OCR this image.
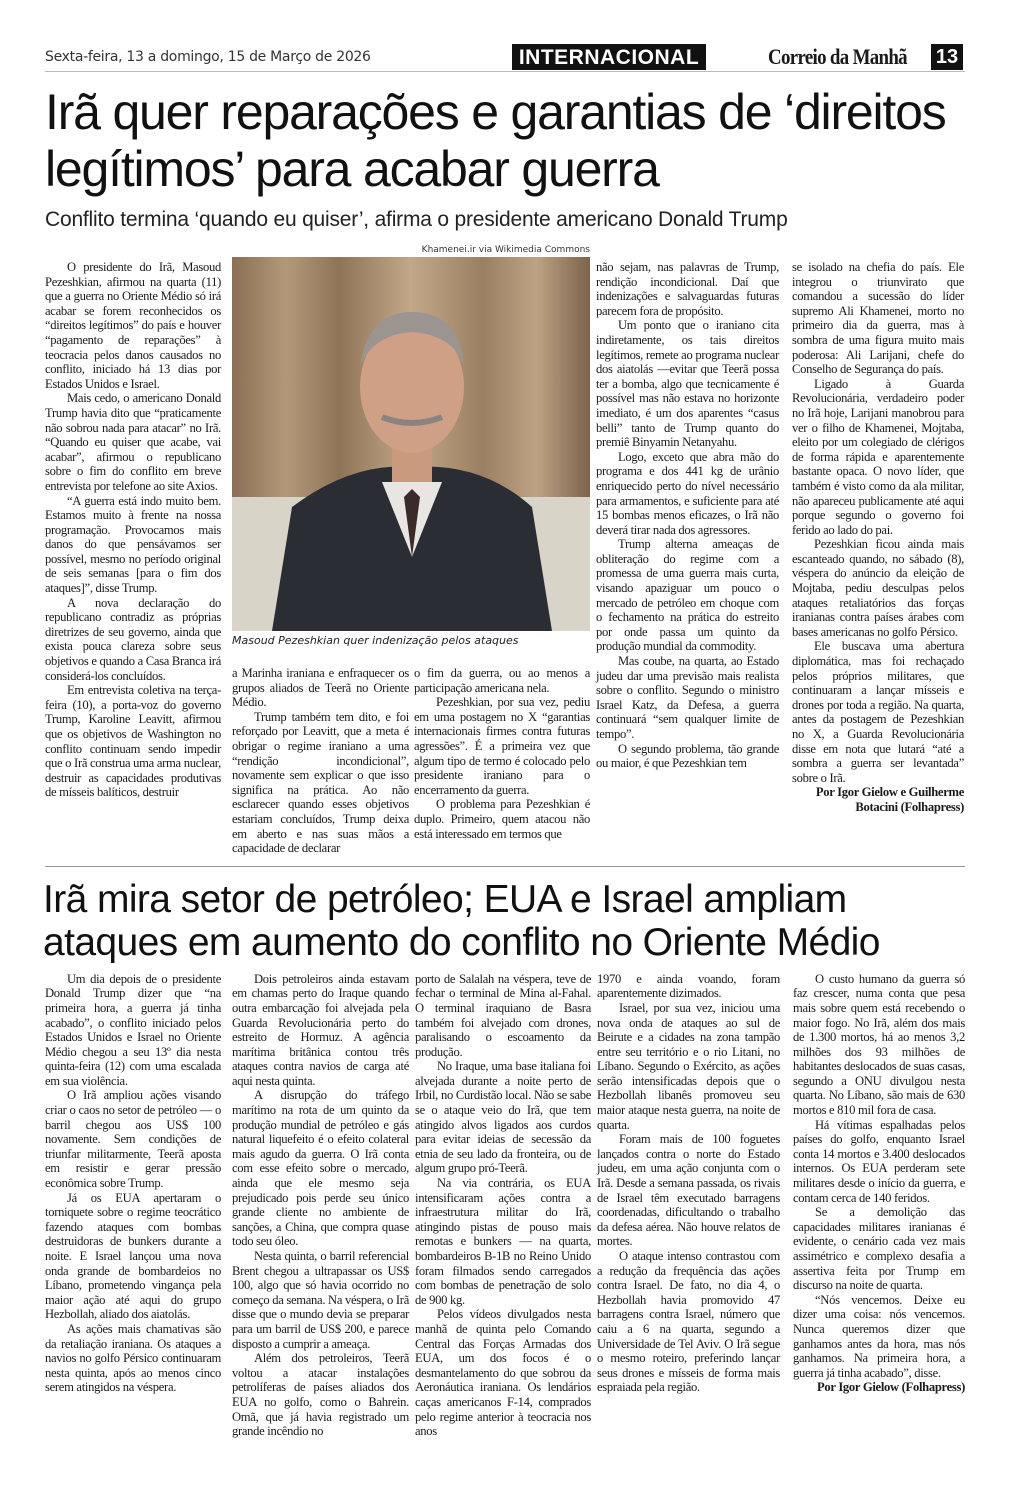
Sexta-feira, 13 a domingo, 15 de Março de 2026	INTERNACIONAL	Correio da Manhã 13
Irã quer reparações e garantias de ‘direitos legítimos’ para acabar guerra
Conflito termina ‘quando eu quiser’, afirma o presidente americano Donald Trump

O presidente do Irã, Masoud Pezeshkian, afirmou na quarta (11) que a guerra no Oriente Médio só irá acabar se forem reconhecidos os “direitos legítimos” do país e houver “pagamento de reparações” à teocracia pelos danos causados no conflito, iniciado há 13 dias por Estados Unidos e Israel.

Mais cedo, o americano Donald Trump havia dito que “praticamente não sobrou nada para atacar” no Irã. “Quando eu quiser que acabe, vai acabar”, afirmou o republicano sobre o fim do conflito em breve entrevista por telefone ao site Axios.

“A guerra está indo muito bem. Estamos muito à frente na nossa programação. Provocamos mais danos do que pensávamos ser possível, mesmo no período original de seis semanas [para o fim dos ataques]”, disse Trump.

A nova declaração do republicano contradiz as próprias diretrizes de seu governo, ainda que exista pouca clareza sobre seus objetivos e quando a Casa Branca irá considerá-los concluídos.

Em entrevista coletiva na terça-feira (10), a porta-voz do governo Trump, Karoline Leavitt, afirmou que os objetivos de Washington no conflito continuam sendo impedir que o Irã construa uma arma nuclear, destruir as capacidades produtivas de mísseis balíticos, destruir

Khamenei.ir via Wikimedia Commons
Masoud Pezeshkian quer indenização pelos ataques

a Marinha iraniana e enfraquecer os grupos aliados de Teerã no Oriente Médio.

Trump também tem dito, e foi reforçado por Leavitt, que a meta é obrigar o regime iraniano a uma “rendição incondicional”, novamente sem explicar o que isso significa na prática. Ao não esclarecer quando esses objetivos estariam concluídos, Trump deixa em aberto e nas suas mãos a capacidade de declarar

o fim da guerra, ou ao menos a participação americana nela.

Pezeshkian, por sua vez, pediu em uma postagem no X “garantias internacionais firmes contra futuras agressões”. É a primeira vez que algum tipo de termo é colocado pelo presidente iraniano para o encerramento da guerra.

O problema para Pezeshkian é duplo. Primeiro, quem atacou não está interessado em termos que

não sejam, nas palavras de Trump, rendição incondicional. Daí que indenizações e salvaguardas futuras parecem fora de propósito.

Um ponto que o iraniano cita indiretamente, os tais direitos legítimos, remete ao programa nuclear dos aiatolás —evitar que Teerã possa ter a bomba, algo que tecnicamente é possível mas não estava no horizonte imediato, é um dos aparentes “casus belli” tanto de Trump quanto do premiê Binyamin Netanyahu.

Logo, exceto que abra mão do programa e dos 441 kg de urânio enriquecido perto do nível necessário para armamentos, e suficiente para até 15 bombas menos eficazes, o Irã não deverá tirar nada dos agressores.

Trump alterna ameaças de obliteração do regime com a promessa de uma guerra mais curta, visando apaziguar um pouco o mercado de petróleo em choque com o fechamento na prática do estreito por onde passa um quinto da produção mundial da commodity.

Mas coube, na quarta, ao Estado judeu dar uma previsão mais realista sobre o conflito. Segundo o ministro Israel Katz, da Defesa, a guerra continuará “sem qualquer limite de tempo”.

O segundo problema, tão grande ou maior, é que Pezeshkian tem

se isolado na chefia do país. Ele integrou o triunvirato que comandou a sucessão do líder supremo Ali Khamenei, morto no primeiro dia da guerra, mas à sombra de uma figura muito mais poderosa: Ali Larijani, chefe do Conselho de Segurança do país.

Ligado à Guarda Revolucionária, verdadeiro poder no Irã hoje, Larijani manobrou para ver o filho de Khamenei, Mojtaba, eleito por um colegiado de clérigos de forma rápida e aparentemente bastante opaca. O novo líder, que também é visto como da ala militar, não apareceu publicamente até aqui porque segundo o governo foi ferido ao lado do pai.

Pezeshkian ficou ainda mais escanteado quando, no sábado (8), véspera do anúncio da eleição de Mojtaba, pediu desculpas pelos ataques retaliatórios das forças iranianas contra países árabes com bases americanas no golfo Pérsico.

Ele buscava uma abertura diplomática, mas foi rechaçado pelos próprios militares, que continuaram a lançar mísseis e drones por toda a região. Na quarta, antes da postagem de Pezeshkian no X, a Guarda Revolucionária disse em nota que lutará “até a sombra a guerra ser levantada” sobre o Irã.

Por Igor Gielow e Guilherme Botacini (Folhapress)

Irã mira setor de petróleo; EUA e Israel ampliam ataques em aumento do conflito no Oriente Médio

Um dia depois de o presidente Donald Trump dizer que “na primeira hora, a guerra já tinha acabado”, o conflito iniciado pelos Estados Unidos e Israel no Oriente Médio chegou a seu 13º dia nesta quinta-feira (12) com uma escalada em sua violência.

O Irã ampliou ações visando criar o caos no setor de petróleo — o barril chegou aos US$ 100 novamente. Sem condições de triunfar militarmente, Teerã aposta em resistir e gerar pressão econômica sobre Trump.

Já os EUA apertaram o torniquete sobre o regime teocrático fazendo ataques com bombas destruidoras de bunkers durante a noite. E Israel lançou uma nova onda grande de bombardeios no Líbano, prometendo vingança pela maior ação até aqui do grupo Hezbollah, aliado dos aiatolás.

As ações mais chamativas são da retaliação iraniana. Os ataques a navios no golfo Pérsico continuaram nesta quinta, após ao menos cinco serem atingidos na véspera.

Dois petroleiros ainda estavam em chamas perto do Iraque quando outra embarcação foi alvejada pela Guarda Revolucionária perto do estreito de Hormuz. A agência marítima britânica contou três ataques contra navios de carga até aqui nesta quinta.

A disrupção do tráfego marítimo na rota de um quinto da produção mundial de petróleo e gás natural liquefeito é o efeito colateral mais agudo da guerra. O Irã conta com esse efeito sobre o mercado, ainda que ele mesmo seja prejudicado pois perde seu único grande cliente no ambiente de sanções, a China, que compra quase todo seu óleo.

Nesta quinta, o barril referencial Brent chegou a ultrapassar os US$ 100, algo que só havia ocorrido no começo da semana. Na véspera, o Irã disse que o mundo devia se preparar para um barril de US$ 200, e parece disposto a cumprir a ameaça.

Além dos petroleiros, Teerã voltou a atacar instalações petrolíferas de países aliados dos EUA no golfo, como o Bahrein. Omã, que já havia registrado um grande incêndio no

porto de Salalah na véspera, teve de fechar o terminal de Mina al-Fahal. O terminal iraquiano de Basra também foi alvejado com drones, paralisando o escoamento da produção.

No Iraque, uma base italiana foi alvejada durante a noite perto de Irbil, no Curdistão local. Não se sabe se o ataque veio do Irã, que tem atingido alvos ligados aos curdos para evitar ideias de secessão da etnia de seu lado da fronteira, ou de algum grupo pró-Teerã.

Na via contrária, os EUA intensificaram ações contra a infraestrutura militar do Irã, atingindo pistas de pouso mais remotas e bunkers — na quarta, bombardeiros B-1B no Reino Unido foram filmados sendo carregados com bombas de penetração de solo de 900 kg.

Pelos vídeos divulgados nesta manhã de quinta pelo Comando Central das Forças Armadas dos EUA, um dos focos é o desmantelamento do que sobrou da Aeronáutica iraniana. Os lendários caças americanos F-14, comprados pelo regime anterior à teocracia nos anos

1970 e ainda voando, foram aparentemente dizimados.

Israel, por sua vez, iniciou uma nova onda de ataques ao sul de Beirute e a cidades na zona tampão entre seu território e o rio Litani, no Líbano. Segundo o Exército, as ações serão intensificadas depois que o Hezbollah libanês promoveu seu maior ataque nesta guerra, na noite de quarta.

Foram mais de 100 foguetes lançados contra o norte do Estado judeu, em uma ação conjunta com o Irã. Desde a semana passada, os rivais de Israel têm executado barragens coordenadas, dificultando o trabalho da defesa aérea. Não houve relatos de mortes.

O ataque intenso contrastou com a redução da frequência das ações contra Israel. De fato, no dia 4, o Hezbollah havia promovido 47 barragens contra Israel, número que caiu a 6 na quarta, segundo a Universidade de Tel Aviv. O Irã segue o mesmo roteiro, preferindo lançar seus drones e mísseis de forma mais espraiada pela região.

O custo humano da guerra só faz crescer, numa conta que pesa mais sobre quem está recebendo o maior fogo. No Irã, além dos mais de 1.300 mortos, há ao menos 3,2 milhões dos 93 milhões de habitantes deslocados de suas casas, segundo a ONU divulgou nesta quarta. No Líbano, são mais de 630 mortos e 810 mil fora de casa.

Há vítimas espalhadas pelos países do golfo, enquanto Israel conta 14 mortos e 3.400 deslocados internos. Os EUA perderam sete militares desde o início da guerra, e contam cerca de 140 feridos.

Se a demolição das capacidades militares iranianas é evidente, o cenário cada vez mais assimétrico e complexo desafia a assertiva feita por Trump em discurso na noite de quarta.

“Nós vencemos. Deixe eu dizer uma coisa: nós vencemos. Nunca queremos dizer que ganhamos antes da hora, mas nós ganhamos. Na primeira hora, a guerra já tinha acabado”, disse.

Por Igor Gielow (Folhapress)
